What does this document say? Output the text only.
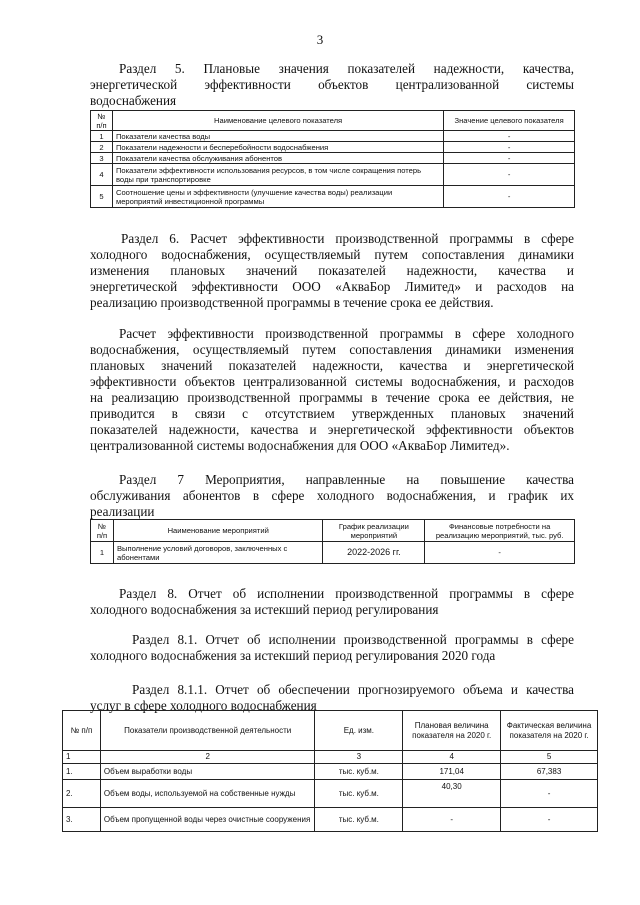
3
Раздел 5. Плановые значения показателей надежности, качества,
энергетической эффективности объектов централизованной системы
водоснабжения
№ п/п	Наименование целевого показателя	Значение целевого показателя
1	Показатели качества воды	-
2	Показатели надежности и бесперебойности водоснабжения	-
3	Показатели качества обслуживания абонентов	-
4	Показатели эффективности использования ресурсов, в том числе сокращения потерь воды при транспортировке	-
5	Соотношение цены и эффективности (улучшение качества воды) реализации мероприятий инвестиционной программы	-
Раздел 6. Расчет эффективности производственной программы в сфере
холодного водоснабжения, осуществляемый путем сопоставления динамики
изменения плановых значений показателей надежности, качества и
энергетической эффективности ООО «АкваБор Лимитед» и расходов на
реализацию производственной программы в течение срока ее действия.
Расчет эффективности производственной программы в сфере холодного
водоснабжения, осуществляемый путем сопоставления динамики изменения
плановых значений показателей надежности, качества и энергетической
эффективности объектов централизованной системы водоснабжения, и расходов
на реализацию производственной программы в течение срока ее действия, не
приводится в связи с отсутствием утвержденных плановых значений
показателей надежности, качества и энергетической эффективности объектов
централизованной системы водоснабжения для ООО «АкваБор Лимитед».
Раздел 7 Мероприятия, направленные на повышение качества
обслуживания абонентов в сфере холодного водоснабжения, и график их
реализации
№ п/п	Наименование мероприятий	График реализации мероприятий	Финансовые потребности на реализацию мероприятий, тыс. руб.
1	Выполнение условий договоров, заключенных с абонентами	2022-2026 гг.	-
Раздел 8. Отчет об исполнении производственной программы в сфере
холодного водоснабжения за истекший период регулирования
Раздел 8.1. Отчет об исполнении производственной программы в сфере
холодного водоснабжения за истекший период регулирования 2020 года
Раздел 8.1.1. Отчет об обеспечении прогнозируемого объема и качества
услуг в сфере холодного водоснабжения
№ п/п	Показатели производственной деятельности	Ед. изм.	Плановая величина показателя на 2020 г.	Фактическая величина показателя на 2020 г.
1	2	3	4	5
1.	Объем выработки воды	тыс. куб.м.	171,04	67,383
2.	Объем воды, используемой на собственные нужды	тыс. куб.м.	40,30	-
3.	Объем пропущенной воды через очистные сооружения	тыс. куб.м.	-	-
